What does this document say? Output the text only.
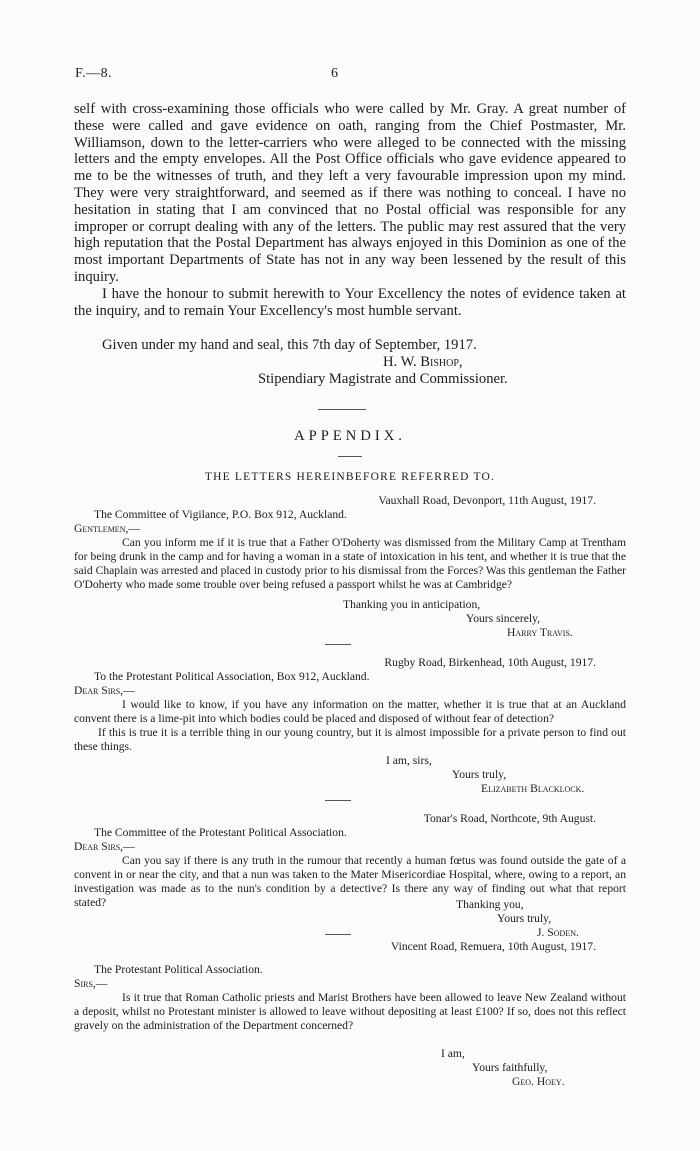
F.—8.	6

self with cross-examining those officials who were called by Mr. Gray. A great number of these were called and gave evidence on oath, ranging from the Chief Postmaster, Mr. Williamson, down to the letter-carriers who were alleged to be connected with the missing letters and the empty envelopes. All the Post Office officials who gave evidence appeared to me to be the witnesses of truth, and they left a very favourable impression upon my mind. They were very straightforward, and seemed as if there was nothing to conceal. I have no hesitation in stating that I am convinced that no Postal official was responsible for any improper or corrupt dealing with any of the letters. The public may rest assured that the very high reputation that the Postal Department has always enjoyed in this Dominion as one of the most important Departments of State has not in any way been lessened by the result of this inquiry.

I have the honour to submit herewith to Your Excellency the notes of evidence taken at the inquiry, and to remain Your Excellency's most humble servant.

Given under my hand and seal, this 7th day of September, 1917.
H. W. Bishop,
Stipendiary Magistrate and Commissioner.
APPENDIX.
THE LETTERS HEREINBEFORE REFERRED TO.
Vauxhall Road, Devonport, 11th August, 1917.
The Committee of Vigilance, P.O. Box 912, Auckland.
Gentlemen,—

Can you inform me if it is true that a Father O'Doherty was dismissed from the Military Camp at Trentham for being drunk in the camp and for having a woman in a state of intoxication in his tent, and whether it is true that the said Chaplain was arrested and placed in custody prior to his dismissal from the Forces? Was this gentleman the Father O'Doherty who made some trouble over being refused a passport whilst he was at Cambridge?

Thanking you in anticipation,
Yours sincerely,
Harry Travis.
Rugby Road, Birkenhead, 10th August, 1917.
To the Protestant Political Association, Box 912, Auckland.
Dear Sirs,—

I would like to know, if you have any information on the matter, whether it is true that at an Auckland convent there is a lime-pit into which bodies could be placed and disposed of without fear of detection?

If this is true it is a terrible thing in our young country, but it is almost impossible for a private person to find out these things.

I am, sirs,
Yours truly,
Elizabeth Blacklock.
Tonar's Road, Northcote, 9th August.
The Committee of the Protestant Political Association.
Dear Sirs,—

Can you say if there is any truth in the rumour that recently a human fœtus was found outside the gate of a convent in or near the city, and that a nun was taken to the Mater Misericordiae Hospital, where, owing to a report, an investigation was made as to the nun's condition by a detective? Is there any way of finding out what that report stated?	Thanking you,
Yours truly,
J. Soden.
Vincent Road, Remuera, 10th August, 1917.
The Protestant Political Association.
Sirs,—

Is it true that Roman Catholic priests and Marist Brothers have been allowed to leave New Zealand without a deposit, whilst no Protestant minister is allowed to leave without depositing at least £100? If so, does not this reflect gravely on the administration of the Department concerned?

I am,
Yours faithfully,
Geo. Hoey.
